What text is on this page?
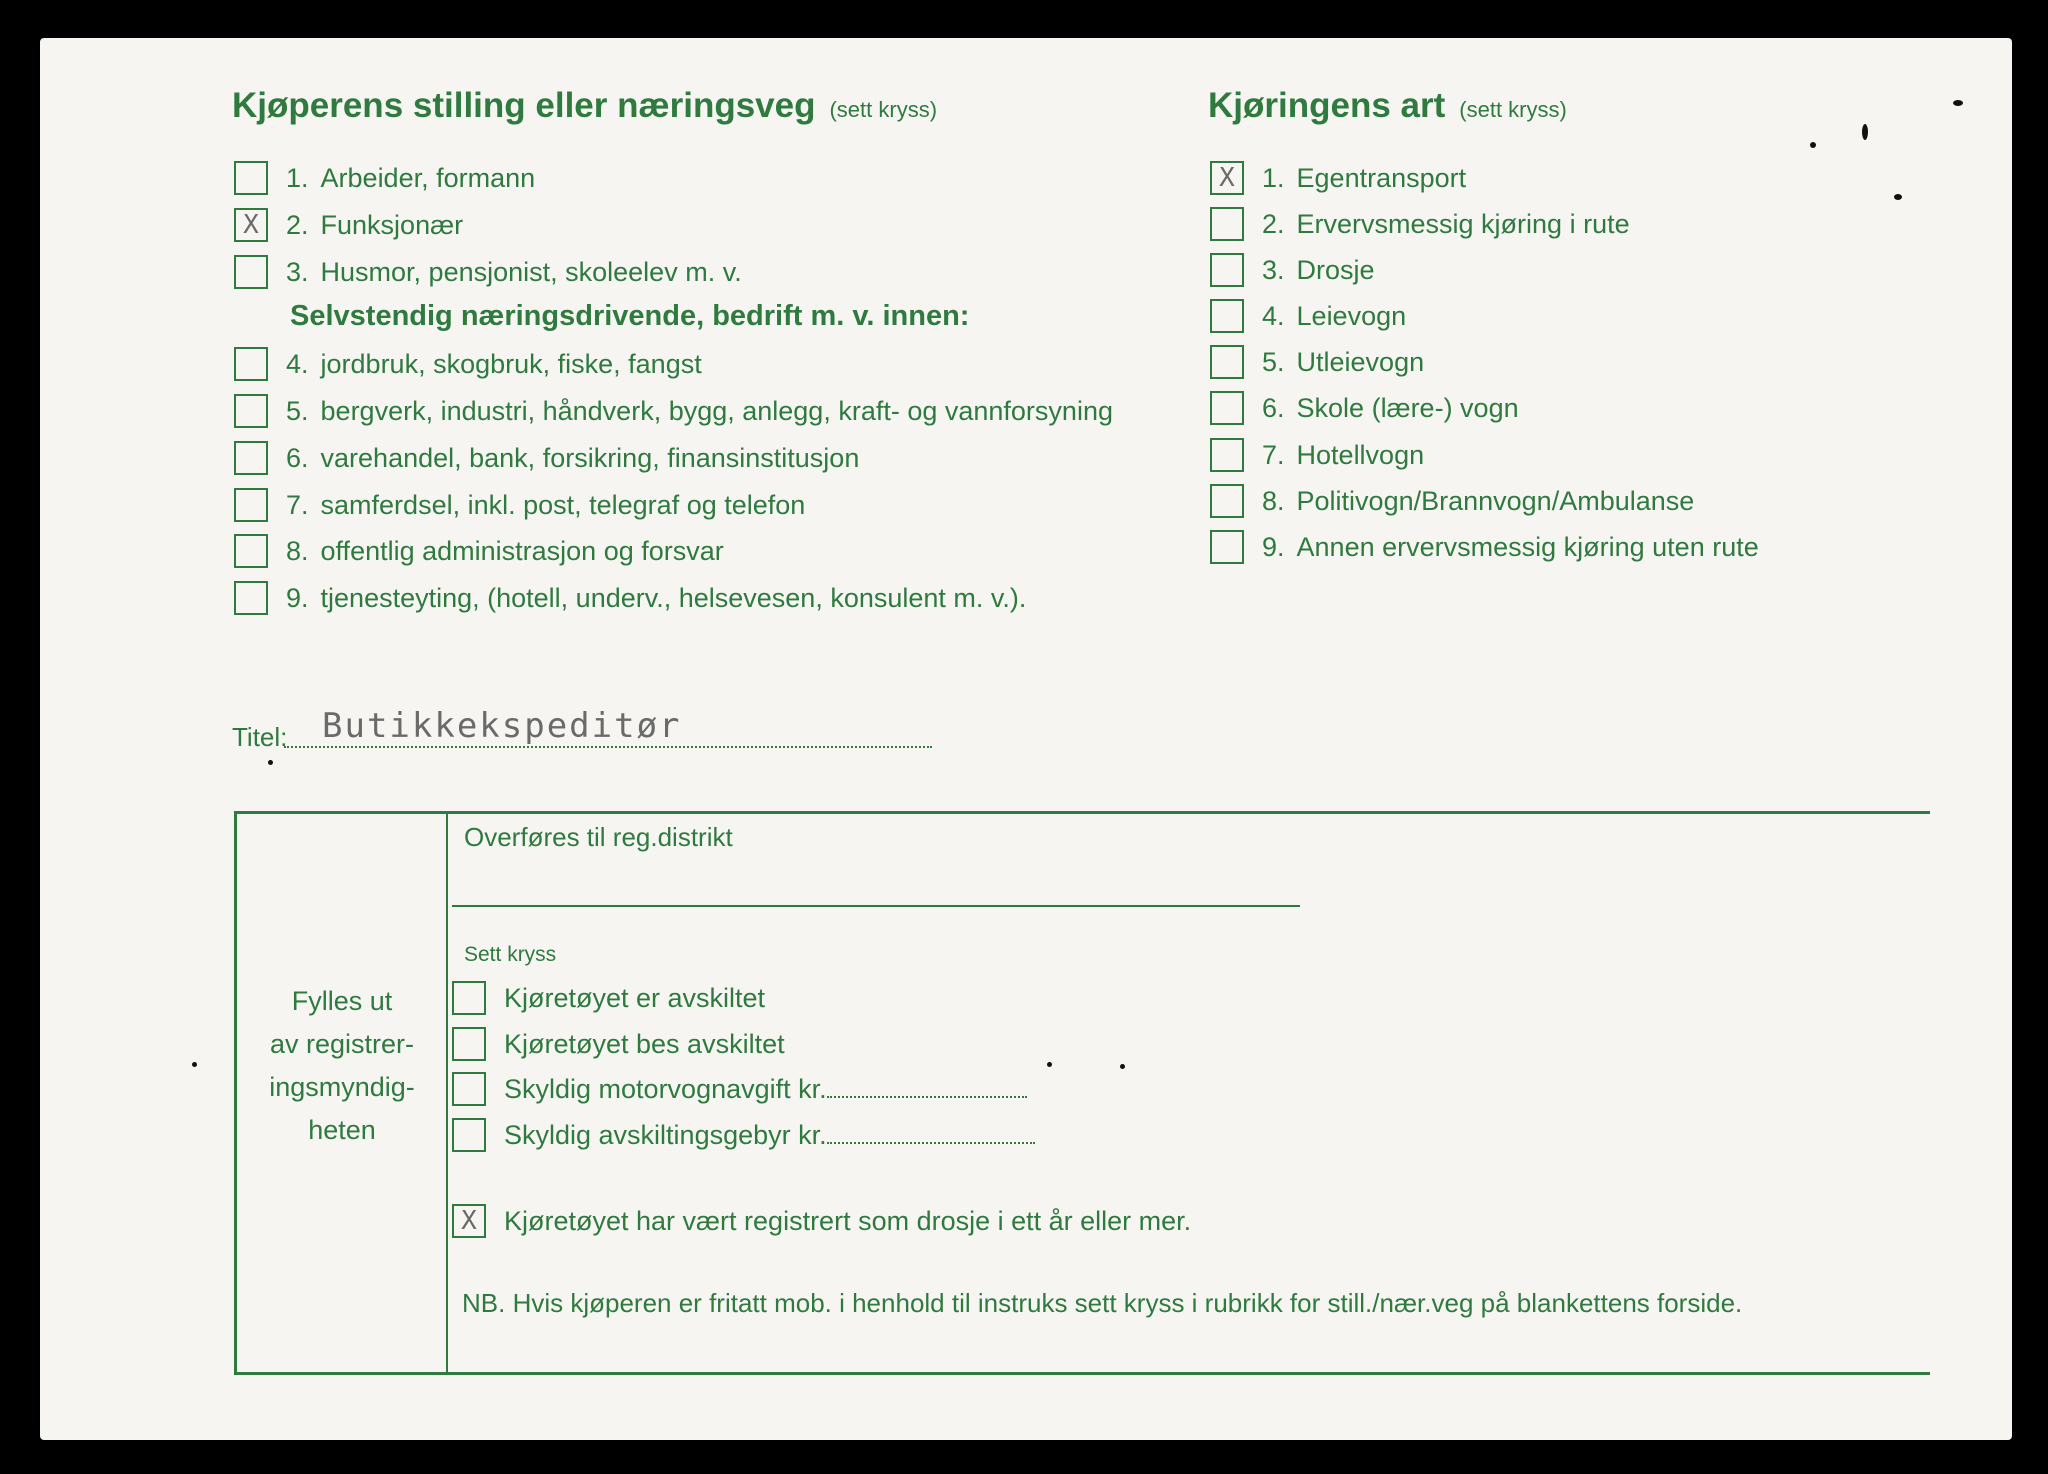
Kjøperens stilling eller næringsveg (sett kryss)	Kjøringens art (sett kryss)
1. Arbeider, formann
X	2. Funksjonær
3. Husmor, pensjonist, skoleelev m. v.
Selvstendig næringsdrivende, bedrift m. v. innen:
4. jordbruk, skogbruk, fiske, fangst
5. bergverk, industri, håndverk, bygg, anlegg, kraft- og vannforsyning
6. varehandel, bank, forsikring, finansinstitusjon
7. samferdsel, inkl. post, telegraf og telefon
8. offentlig administrasjon og forsvar
9. tjenesteyting, (hotell, underv., helsevesen, konsulent m. v.).
X	1. Egentransport
2. Ervervsmessig kjøring i rute
3. Drosje
4. Leievogn
5. Utleievogn
6. Skole (lære-) vogn
7. Hotellvogn
8. Politivogn/Brannvogn/Ambulanse
9. Annen ervervsmessig kjøring uten rute
Titel: Butikkekspeditør
Fylles ut
av registrer-
ingsmyndig-
heten
Overføres til reg.distrikt
Sett kryss
Kjøretøyet er avskiltet
Kjøretøyet bes avskiltet
Skyldig motorvognavgift kr.
Skyldig avskiltingsgebyr kr.
X	Kjøretøyet har vært registrert som drosje i ett år eller mer.
NB. Hvis kjøperen er fritatt mob. i henhold til instruks sett kryss i rubrikk for still./nær.veg på blankettens forside.
